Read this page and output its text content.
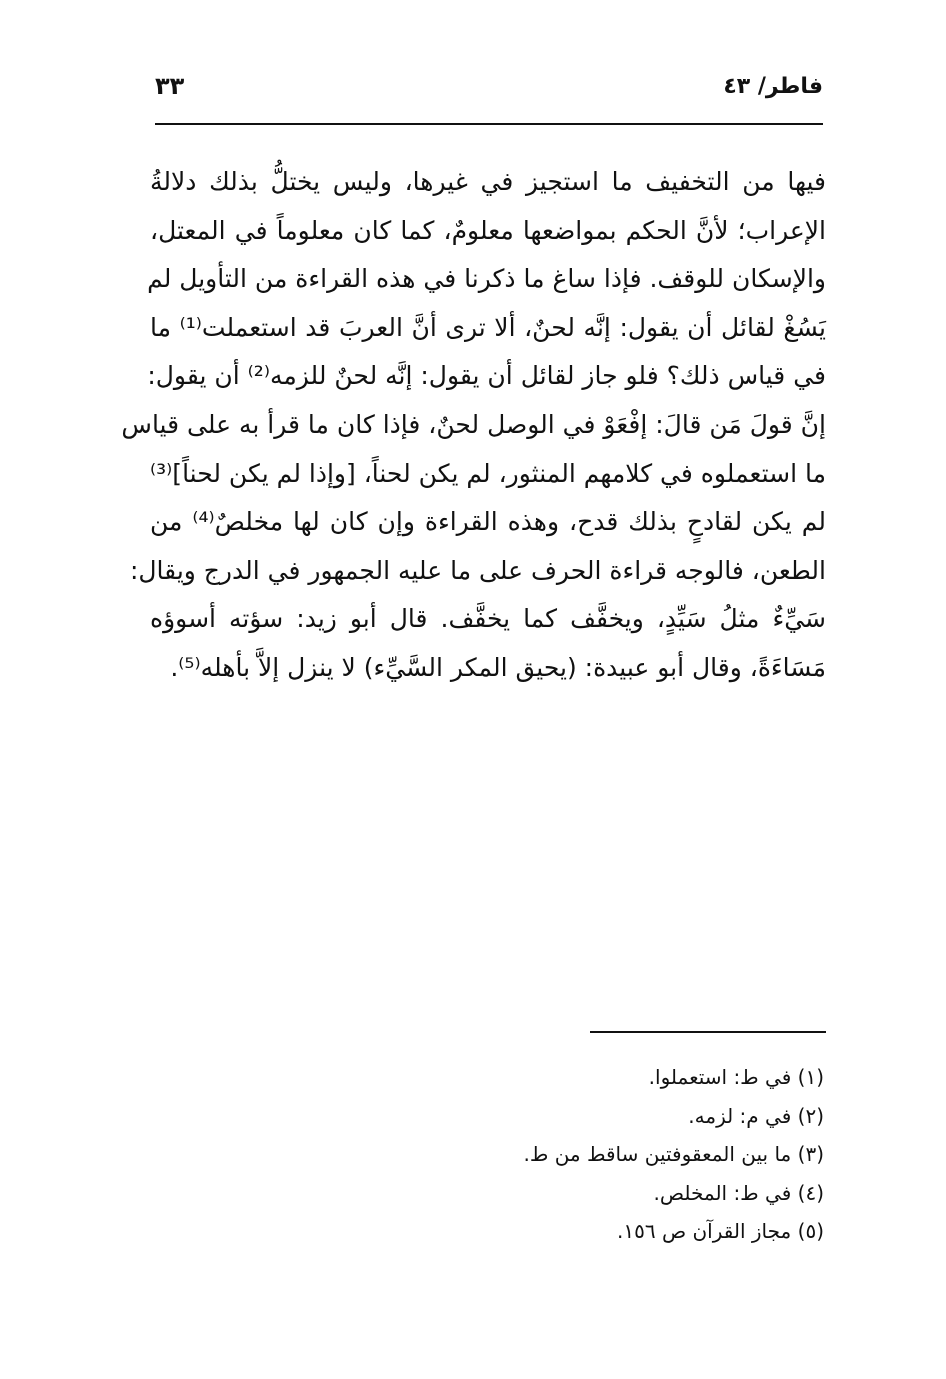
فاطر/ ٤٣
٣٣
فيها من التخفيف ما استجيز في غيرها، وليس يختلُّ بذلك دلالةُ
الإعراب؛ لأنَّ الحكم بمواضعها معلومٌ، كما كان معلوماً في المعتل،
والإسكان للوقف. فإذا ساغ ما ذكرنا في هذه القراءة من التأويل لم
يَسُغْ لقائل أن يقول: إنَّه لحنٌ، ألا ترى أنَّ العربَ قد استعملت⁽¹⁾ ما
في قياس ذلك؟ فلو جاز لقائل أن يقول: إنَّه لحنٌ للزمه⁽²⁾ أن يقول:
إنَّ قولَ مَن قالَ: إفْعَوْ في الوصل لحنٌ، فإذا كان ما قرأ به على قياس
ما استعملوه في كلامهم المنثور، لم يكن لحناً، [وإذا لم يكن لحناً]⁽³⁾
لم يكن لقادحٍ بذلك قدح، وهذه القراءة وإن كان لها مخلصٌ⁽⁴⁾ من
الطعن، فالوجه قراءة الحرف على ما عليه الجمهور في الدرج ويقال:
سَيِّءٌ مثلُ سَيِّدٍ، ويخفَّف كما يخفَّف. قال أبو زيد: سؤته أسوؤه
مَسَاءَةً، وقال أبو عبيدة: (يحيق المكر السَّيِّء) لا ينزل إلاَّ بأهله⁽⁵⁾.
(١) في ط: استعملوا.
(٢) في م: لزمه.
(٣) ما بين المعقوفتين ساقط من ط.
(٤) في ط: المخلص.
(٥) مجاز القرآن ص ١٥٦.
